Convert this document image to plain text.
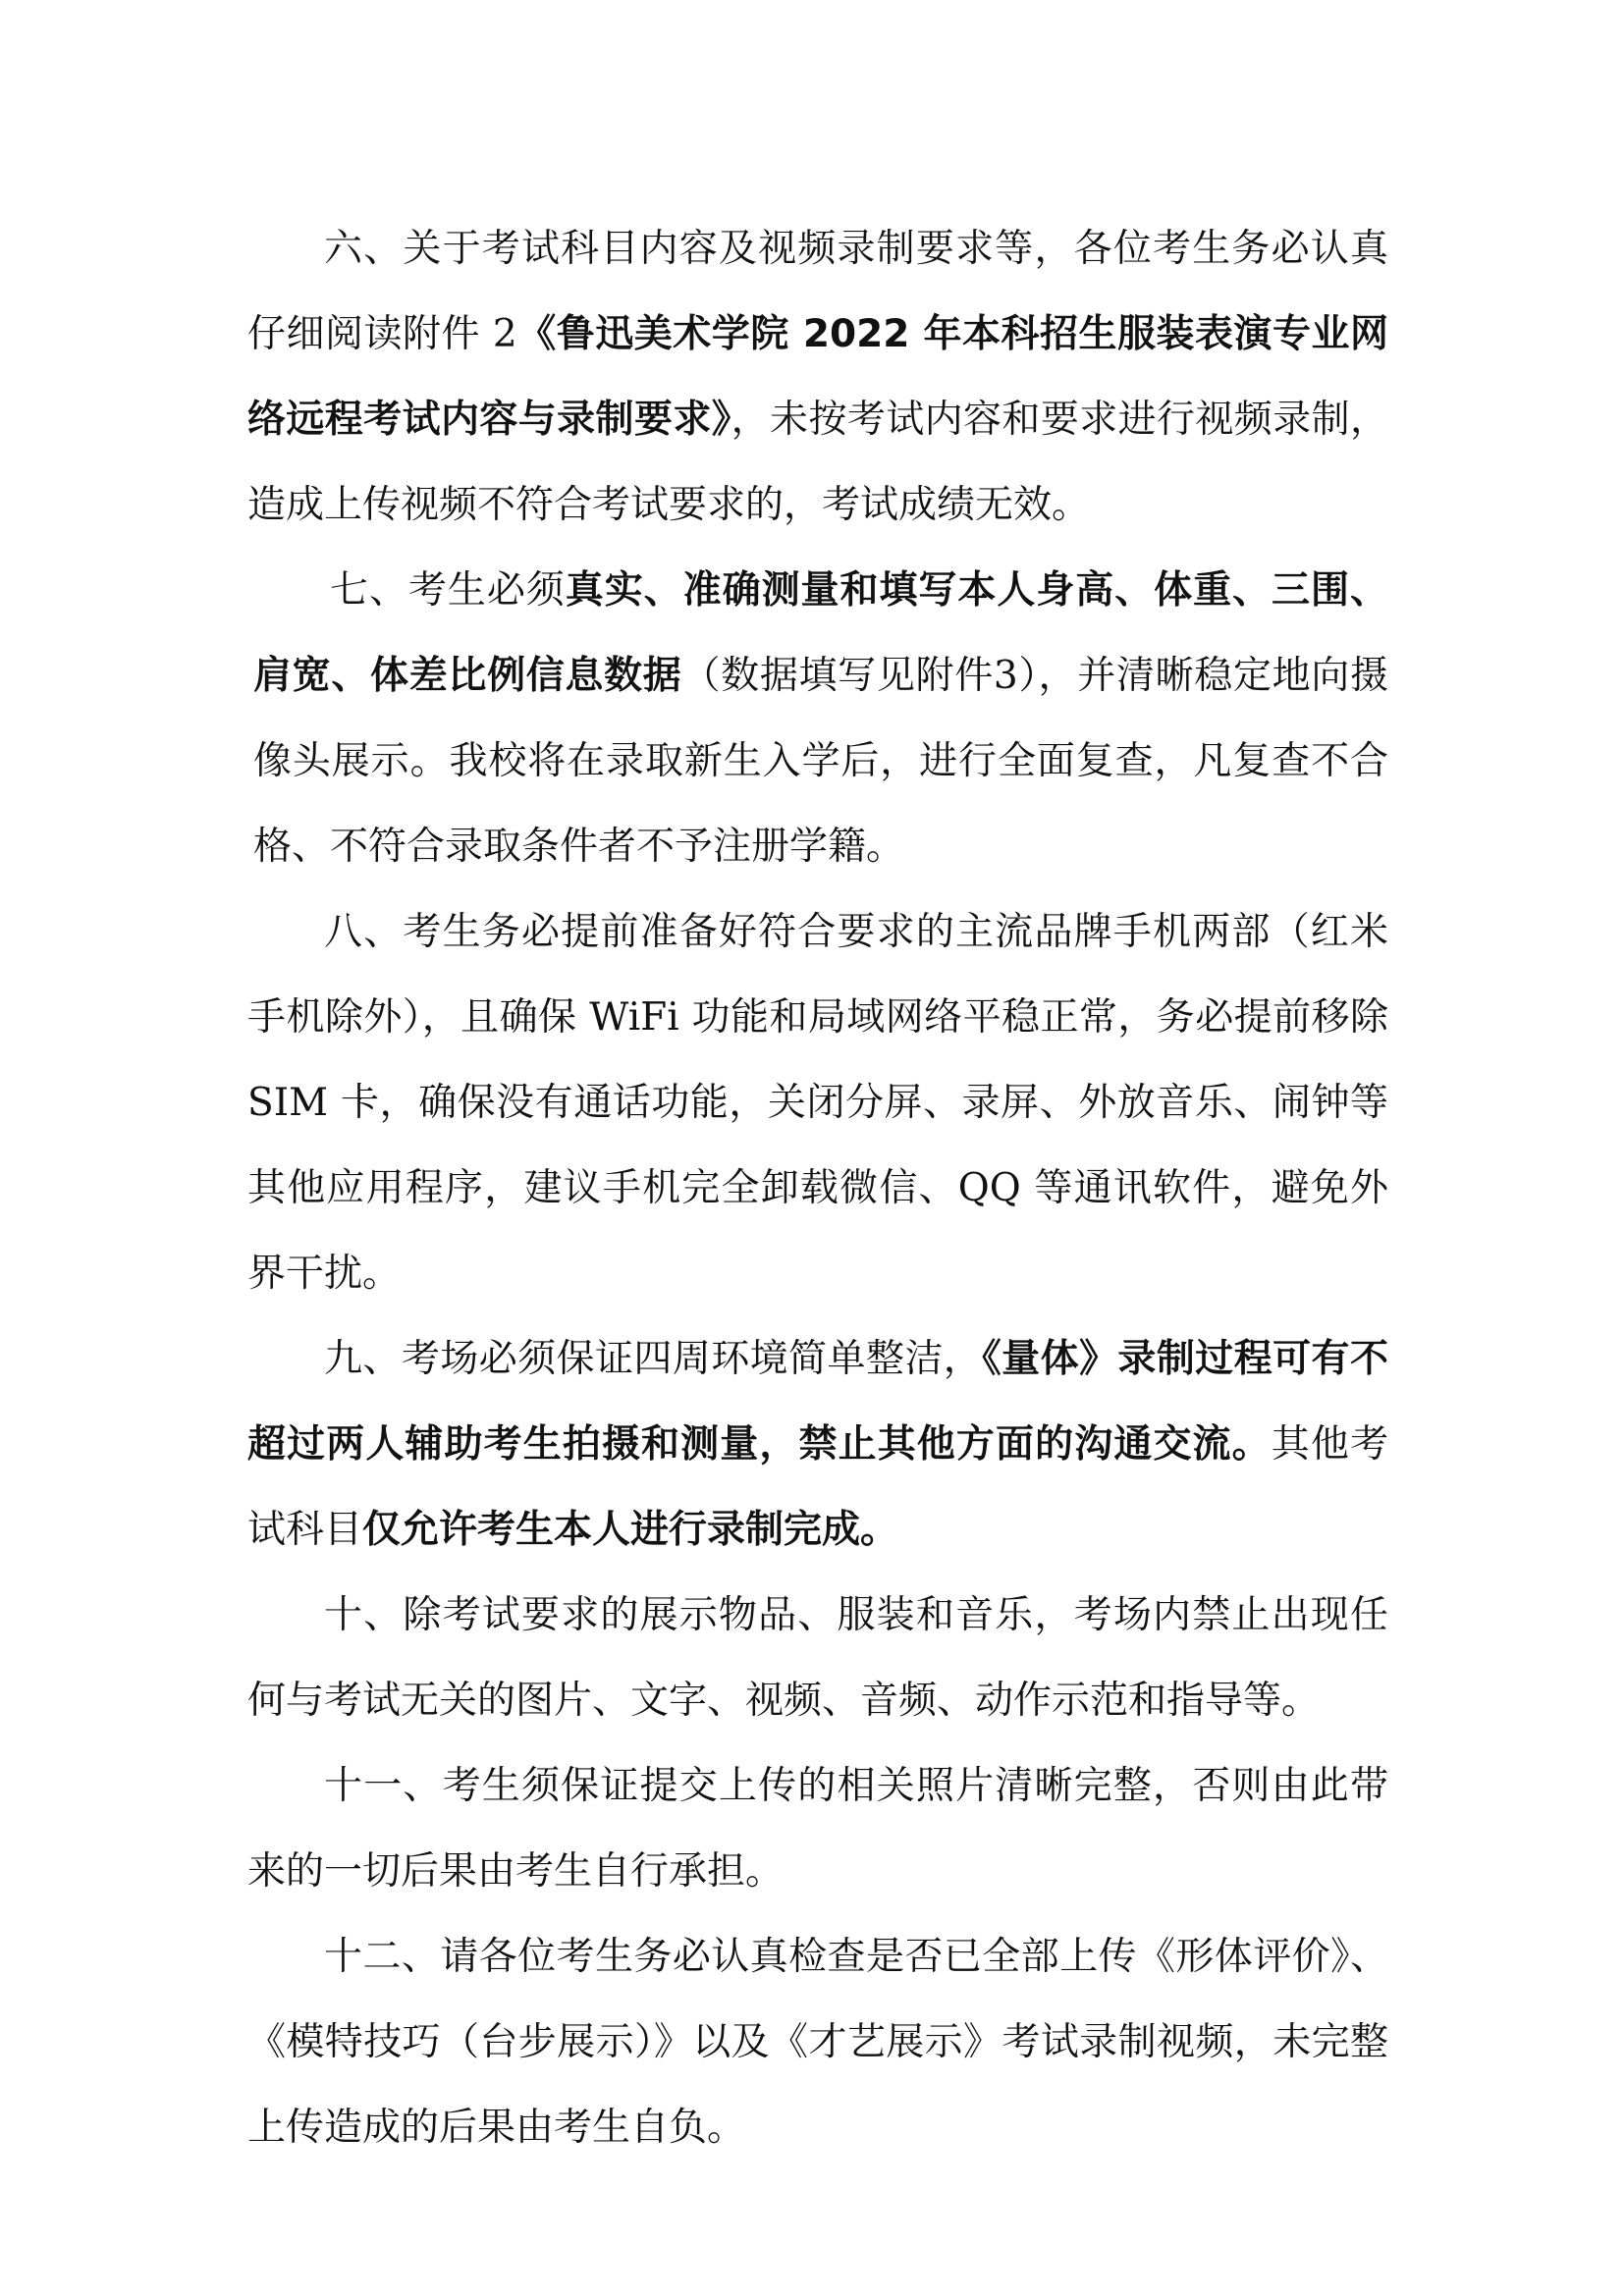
六、关于考试科目内容及视频录制要求等，各位考生务必认真仔细阅读附件 2《鲁迅美术学院 2022 年本科招生服装表演专业网络远程考试内容与录制要求》，未按考试内容和要求进行视频录制，造成上传视频不符合考试要求的，考试成绩无效。

七、考生必须真实、准确测量和填写本人身高、体重、三围、肩宽、体差比例信息数据（数据填写见附件3），并清晰稳定地向摄像头展示。我校将在录取新生入学后，进行全面复查，凡复查不合格、不符合录取条件者不予注册学籍。

八、考生务必提前准备好符合要求的主流品牌手机两部（红米手机除外），且确保 WiFi 功能和局域网络平稳正常，务必提前移除 SIM 卡，确保没有通话功能，关闭分屏、录屏、外放音乐、闹钟等其他应用程序，建议手机完全卸载微信、QQ 等通讯软件，避免外界干扰。

九、考场必须保证四周环境简单整洁，《量体》录制过程可有不超过两人辅助考生拍摄和测量，禁止其他方面的沟通交流。其他考试科目仅允许考生本人进行录制完成。

十、除考试要求的展示物品、服装和音乐，考场内禁止出现任何与考试无关的图片、文字、视频、音频、动作示范和指导等。

十一、考生须保证提交上传的相关照片清晰完整，否则由此带来的一切后果由考生自行承担。

十二、请各位考生务必认真检查是否已全部上传《形体评价》、《模特技巧（台步展示）》以及《才艺展示》考试录制视频，未完整上传造成的后果由考生自负。
